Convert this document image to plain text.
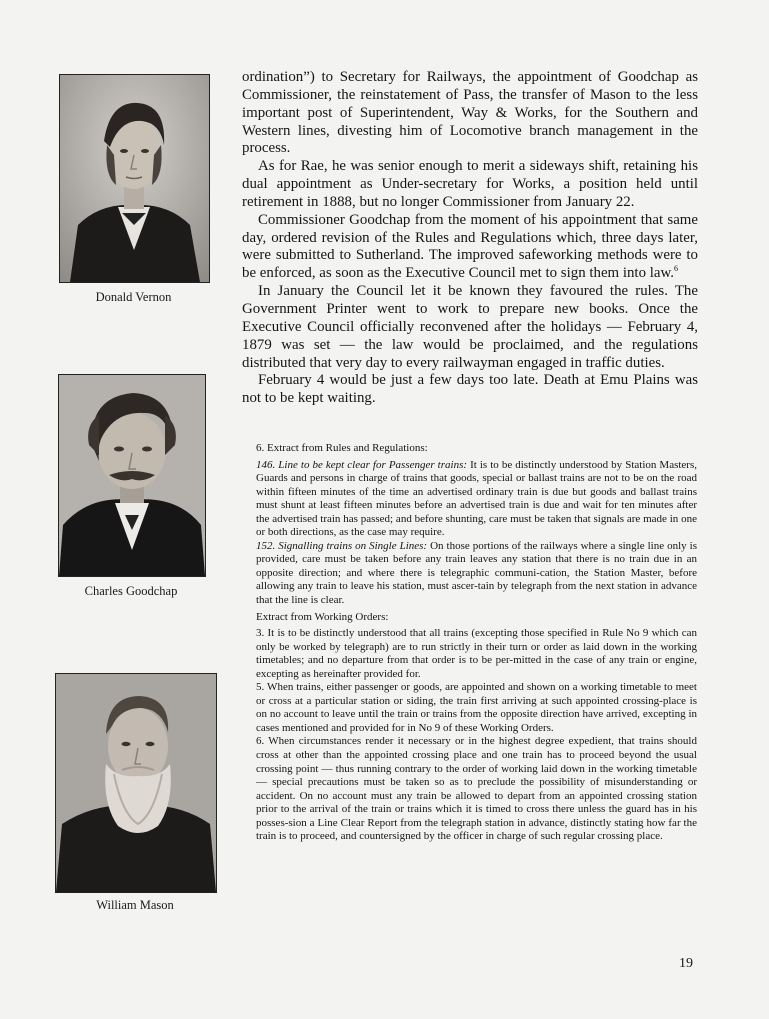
Donald Vernon
Charles Goodchap
William Mason

ordination”) to Secretary for Railways, the appointment of Goodchap as Commissioner, the reinstatement of Pass, the transfer of Mason to the less important post of Superintendent, Way & Works, for the Southern and Western lines, divesting him of Locomotive branch management in the process.

As for Rae, he was senior enough to merit a sideways shift, retaining his dual appointment as Under-secretary for Works, a position held until retirement in 1888, but no longer Commissioner from January 22.

Commissioner Goodchap from the moment of his appointment that same day, ordered revision of the Rules and Regulations which, three days later, were submitted to Sutherland. The improved safeworking methods were to be enforced, as soon as the Executive Council met to sign them into law.$^6$

In January the Council let it be known they favoured the rules. The Government Printer went to work to prepare new books. Once the Executive Council officially reconvened after the holidays — February 4, 1879 was set — the law would be proclaimed, and the regulations distributed that very day to every railwayman engaged in traffic duties.

February 4 would be just a few days too late. Death at Emu Plains was not to be kept waiting.

6. Extract from Rules and Regulations:

146. Line to be kept clear for Passenger trains: It is to be distinctly understood by Station Masters, Guards and persons in charge of trains that goods, special or ballast trains are not to be on the road within fifteen minutes of the time an advertised ordinary train is due but goods and ballast trains must shunt at least fifteen minutes before an advertised train is due and wait for ten minutes after the advertised train has passed; and before shunting, care must be taken that signals are made in one or both directions, as the case may require.

152. Signalling trains on Single Lines: On those portions of the railways where a single line only is provided, care must be taken before any train leaves any station that there is no train due in an opposite direction; and where there is telegraphic communi-cation, the Station Master, before allowing any train to leave his station, must ascer-tain by telegraph from the next station in advance that the line is clear.

Extract from Working Orders:

3. It is to be distinctly understood that all trains (excepting those specified in Rule No 9 which can only be worked by telegraph) are to run strictly in their turn or order as laid down in the working timetables; and no departure from that order is to be per-mitted in the case of any train or engine, excepting as hereinafter provided for.

5. When trains, either passenger or goods, are appointed and shown on a working timetable to meet or cross at a particular station or siding, the train first arriving at such appointed crossing-place is on no account to leave until the train or trains from the opposite direction have arrived, excepting in cases mentioned and provided for in No 9 of these Working Orders.

6. When circumstances render it necessary or in the highest degree expedient, that trains should cross at other than the appointed crossing place and one train has to proceed beyond the usual crossing point — thus running contrary to the order of working laid down in the working timetable — special precautions must be taken so as to preclude the possibility of misunderstanding or accident. On no account must any train be allowed to depart from an appointed crossing station prior to the arrival of the train or trains which it is timed to cross there unless the guard has in his posses-sion a Line Clear Report from the telegraph station in advance, distinctly stating how far the train is to proceed, and countersigned by the officer in charge of such regular crossing place.

19
